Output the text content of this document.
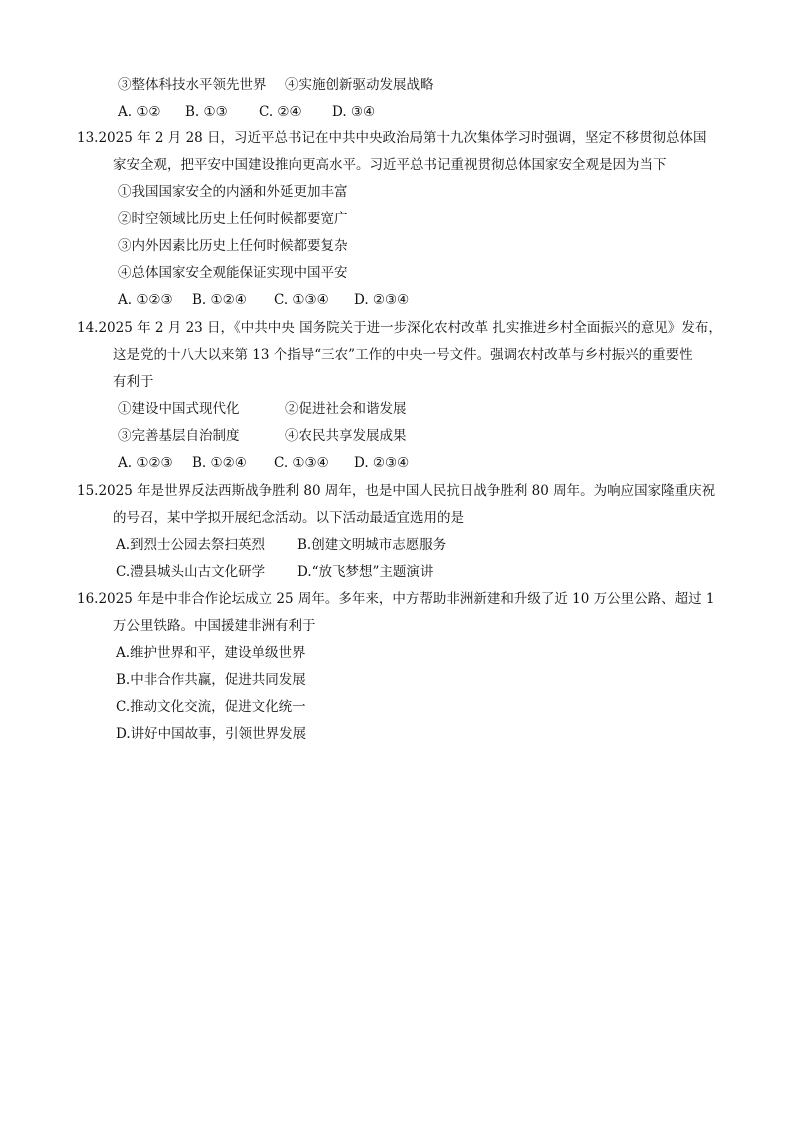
③整体科技水平领先世界 ④实施创新驱动发展战略
A. ①② B. ①③ C. ②④ D. ③④
13.2025 年 2 月 28 日，习近平总书记在中共中央政治局第十九次集体学习时强调，坚定不移贯彻总体国
家安全观，把平安中国建设推向更高水平。习近平总书记重视贯彻总体国家安全观是因为当下
①我国国家安全的内涵和外延更加丰富
②时空领域比历史上任何时候都要宽广
③内外因素比历史上任何时候都要复杂
④总体国家安全观能保证实现中国平安
A. ①②③ B. ①②④ C. ①③④ D. ②③④
14.2025 年 2 月 23 日，《中共中央 国务院关于进一步深化农村改革 扎实推进乡村全面振兴的意见》发布，
这是党的十八大以来第 13 个指导“三农”工作的中央一号文件。强调农村改革与乡村振兴的重要性
有利于
①建设中国式现代化	②促进社会和谐发展
③完善基层自治制度	④农民共享发展成果
A. ①②③ B. ①②④ C. ①③④ D. ②③④
15.2025 年是世界反法西斯战争胜利 80 周年，也是中国人民抗日战争胜利 80 周年。为响应国家隆重庆祝
的号召，某中学拟开展纪念活动。以下活动最适宜选用的是
A.到烈士公园去祭扫英烈 B.创建文明城市志愿服务
C.澧县城头山古文化研学 D.“放飞梦想”主题演讲
16.2025 年是中非合作论坛成立 25 周年。多年来，中方帮助非洲新建和升级了近 10 万公里公路、超过 1
万公里铁路。中国援建非洲有利于
A.维护世界和平，建设单级世界
B.中非合作共赢，促进共同发展
C.推动文化交流，促进文化统一
D.讲好中国故事，引领世界发展
